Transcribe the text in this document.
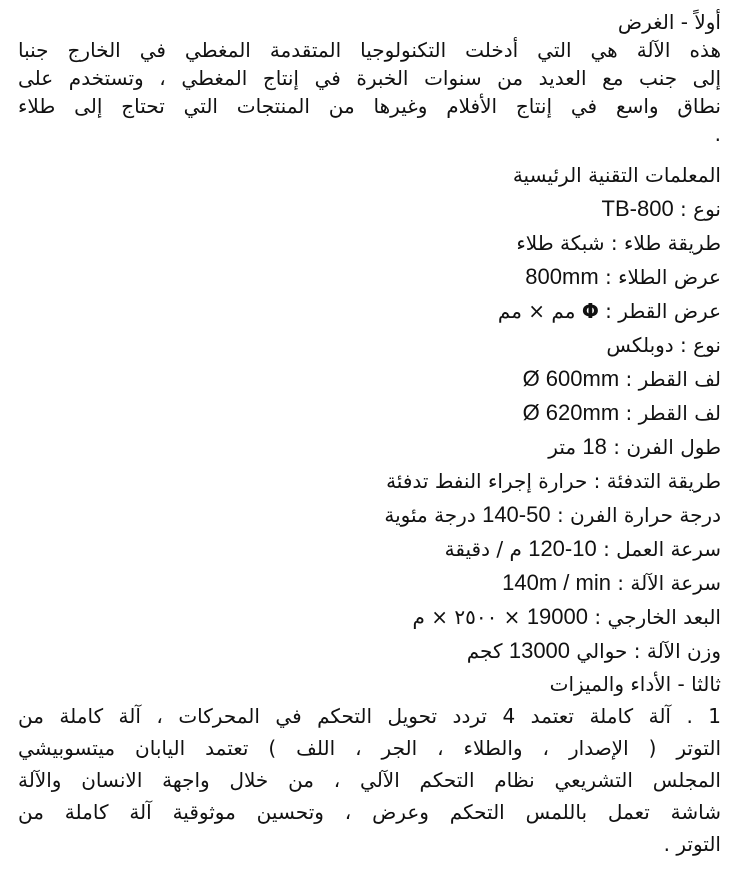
أولاً - الغرض
هذه الآلة هي التي أدخلت التكنولوجيا المتقدمة المغطي في الخارج جنبا
إلى جنب مع العديد من سنوات الخبرة في إنتاج المغطي ، وتستخدم على
نطاق واسع في إنتاج الأفلام وغيرها من المنتجات التي تحتاج إلى طلاء
.
المعلمات التقنية الرئيسية
نوع : TB-800
طريقة طلاء : شبكة طلاء
عرض الطلاء : 800mm
عرض القطر : Φ مم × مم
نوع : دوبلكس
لف القطر : Ø 600mm
لف القطر : Ø 620mm
طول الفرن : 18 متر
طريقة التدفئة : حرارة إجراء النفط تدفئة
درجة حرارة الفرن : 140-50 درجة مئوية
سرعة العمل : 120-10 م / دقيقة
سرعة الآلة : 140m / min
البعد الخارجي : 19000 × ٢٥٠٠ × م
وزن الآلة : حوالي 13000 كجم
ثالثا - الأداء والميزات
1 . آلة كاملة تعتمد 4 تردد تحويل التحكم في المحركات ، آلة كاملة من
التوتر ( الإصدار ، والطلاء ، الجر ، اللف ) تعتمد اليابان ميتسوبيشي
المجلس التشريعي نظام التحكم الآلي ، من خلال واجهة الانسان والآلة
شاشة تعمل باللمس التحكم وعرض ، وتحسين موثوقية آلة كاملة من
التوتر .
